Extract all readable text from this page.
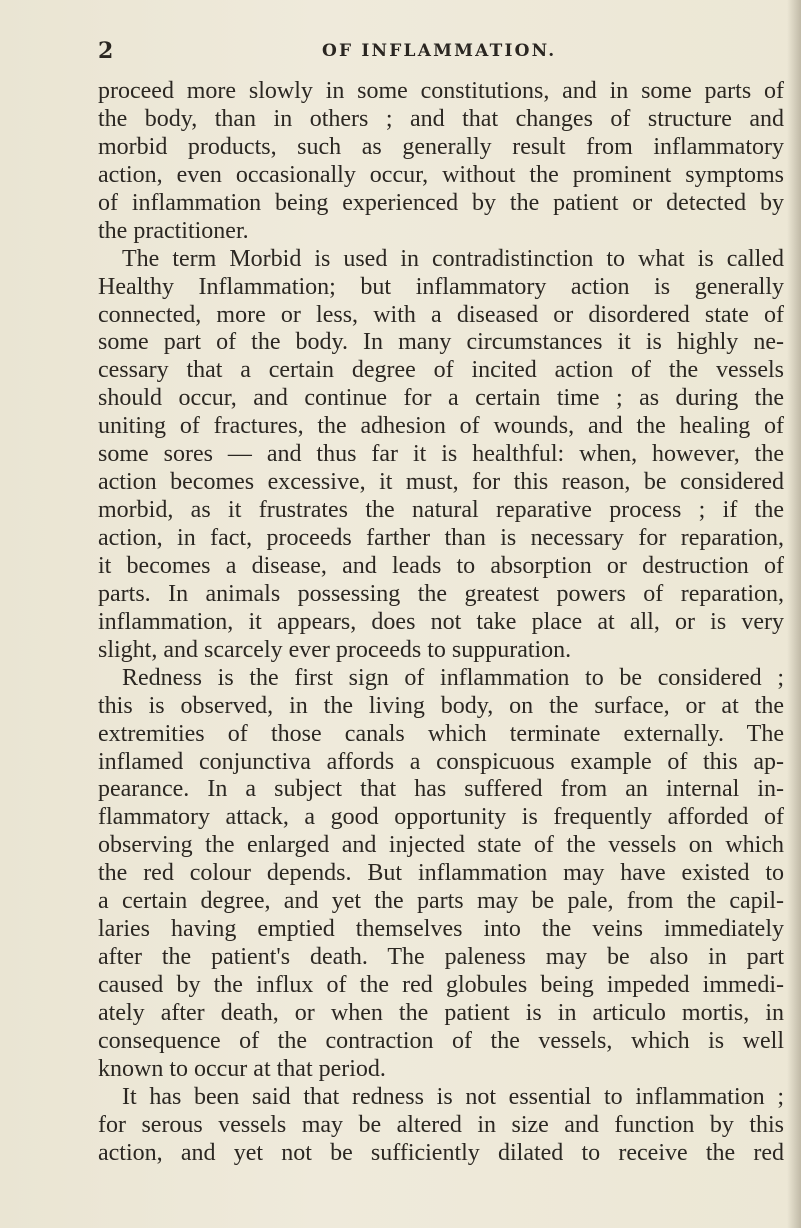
2	OF INFLAMMATION.
proceed more slowly in some constitutions, and in some parts of
the body, than in others ; and that changes of structure and
morbid products, such as generally result from inflammatory
action, even occasionally occur, without the prominent symptoms
of inflammation being experienced by the patient or detected by
the practitioner.
The term Morbid is used in contradistinction to what is called
Healthy Inflammation; but inflammatory action is generally
connected, more or less, with a diseased or disordered state of
some part of the body. In many circumstances it is highly ne-
cessary that a certain degree of incited action of the vessels
should occur, and continue for a certain time ; as during the
uniting of fractures, the adhesion of wounds, and the healing of
some sores — and thus far it is healthful: when, however, the
action becomes excessive, it must, for this reason, be considered
morbid, as it frustrates the natural reparative process ; if the
action, in fact, proceeds farther than is necessary for reparation,
it becomes a disease, and leads to absorption or destruction of
parts. In animals possessing the greatest powers of reparation,
inflammation, it appears, does not take place at all, or is very
slight, and scarcely ever proceeds to suppuration.
Redness is the first sign of inflammation to be considered ;
this is observed, in the living body, on the surface, or at the
extremities of those canals which terminate externally. The
inflamed conjunctiva affords a conspicuous example of this ap-
pearance. In a subject that has suffered from an internal in-
flammatory attack, a good opportunity is frequently afforded of
observing the enlarged and injected state of the vessels on which
the red colour depends. But inflammation may have existed to
a certain degree, and yet the parts may be pale, from the capil-
laries having emptied themselves into the veins immediately
after the patient's death. The paleness may be also in part
caused by the influx of the red globules being impeded immedi-
ately after death, or when the patient is in articulo mortis, in
consequence of the contraction of the vessels, which is well
known to occur at that period.
It has been said that redness is not essential to inflammation ;
for serous vessels may be altered in size and function by this
action, and yet not be sufficiently dilated to receive the red
